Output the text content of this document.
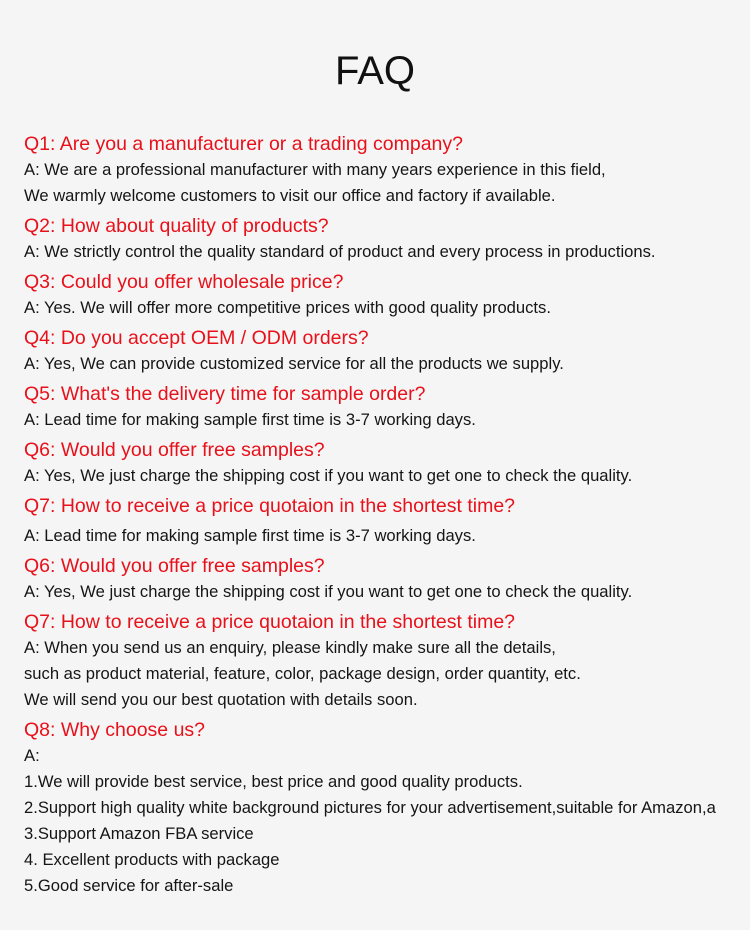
FAQ
Q1: Are you a manufacturer or a trading company?
A: We are a professional manufacturer with many years experience in this field,
We warmly welcome customers to visit our office and factory if available.
Q2: How about quality of products?
A: We strictly control the quality standard of product and every process in productions.
Q3: Could you offer wholesale price?
A: Yes. We will offer more competitive prices with good quality products.
Q4: Do you accept OEM / ODM orders?
A: Yes, We can provide customized service for all the products we supply.
Q5: What's the delivery time for sample order?
A: Lead time for making sample first time is 3-7 working days.
Q6: Would you offer free samples?
A: Yes, We just charge the shipping cost if you want to get one to check the quality.
Q7: How to receive a price quotaion in the shortest time?
A: Lead time for making sample first time is 3-7 working days.
Q6: Would you offer free samples?
A: Yes, We just charge the shipping cost if you want to get one to check the quality.
Q7: How to receive a price quotaion in the shortest time?
A: When you send us an enquiry, please kindly make sure all the details,
such as product material, feature, color, package design, order quantity, etc.
We will send you our best quotation with details soon.
Q8: Why choose us?
A:
1.We will provide best service, best price and good quality products.
2.Support high quality white background pictures for your advertisement,suitable for Amazon,a
3.Support Amazon FBA service
4. Excellent products with package
5.Good service for after-sale
